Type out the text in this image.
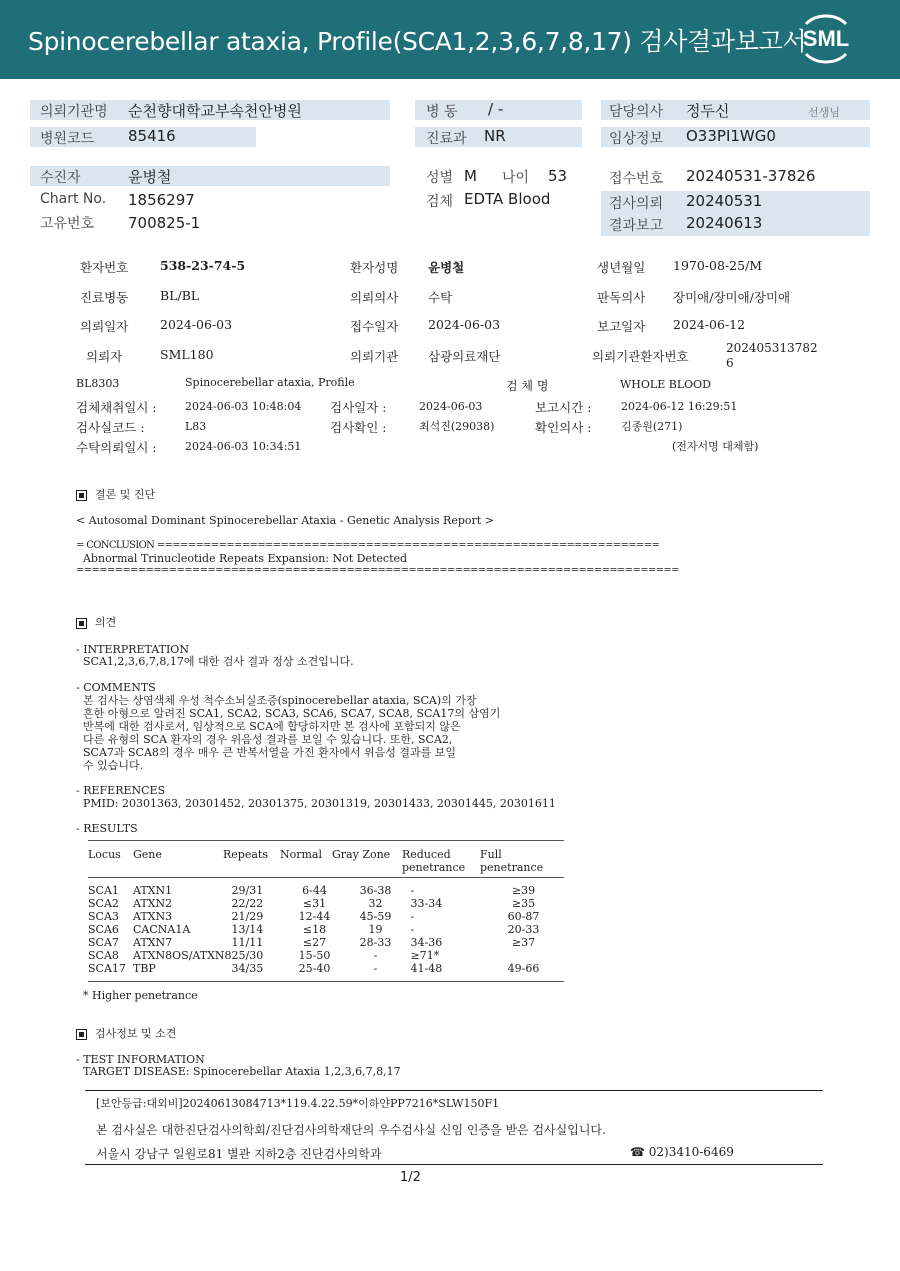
Spinocerebellar ataxia, Profile(SCA1,2,3,6,7,8,17) 검사결과보고서
SML
의뢰기관명 순천향대학교부속천안병원
병원코드 85416
병 동 / -
진료과 NR
담당의사 정두신	선생님
임상정보 O33PI1WG0
수진자	윤병철
Chart No. 1856297
고유번호 700825-1
성별 M 나이 53
검체 EDTA Blood
접수번호 20240531-37826
검사의뢰 20240531
결과보고 20240613
환자번호	538-23-74-5	환자성명 윤병철	생년월일 1970-08-25/M
진료병동	BL/BL	의뢰의사 수탁	판독의사 장미애/장미애/장미애
의뢰일자	2024-06-03	접수일자 2024-06-03	보고일자 2024-06-12
의뢰자	SML180	의뢰기관 삼광의료재단	의뢰기관환자번호
202405313782
6
BL8303	Spinocerebellar ataxia, Profile	검 체 명	WHOLE BLOOD
검체채취일시 :	2024-06-03 10:48:04 검사일자 :	2024-06-03	보고시간 :	2024-06-12 16:29:51
검사실코드 :	L83	검사확인 :	최석진(29038)	확인의사 :	김종원(271)
수탁의뢰일시 :	2024-06-03 10:34:51	(전자서명 대체함)
결론 및 진단
< Autosomal Dominant Spinocerebellar Ataxia - Genetic Analysis Report >
= CONCLUSION =================================================================
Abnormal Trinucleotide Repeats Expansion: Not Detected
==============================================================================
의견
- INTERPRETATION
SCA1,2,3,6,7,8,17에 대한 검사 결과 정상 소견입니다.
- COMMENTS
본 검사는 상염색체 우성 척수소뇌실조증(spinocerebellar ataxia, SCA)의 가장
흔한 아형으로 알려진 SCA1, SCA2, SCA3, SCA6, SCA7, SCA8, SCA17의 삼염기
반복에 대한 검사로서, 임상적으로 SCA에 합당하지만 본 검사에 포함되지 않은
다른 유형의 SCA 환자의 경우 위음성 결과를 보일 수 있습니다. 또한, SCA2,
SCA7과 SCA8의 경우 매우 큰 반복서열을 가진 환자에서 위음성 결과를 보일
수 있습니다.
- REFERENCES
PMID: 20301363, 20301452, 20301375, 20301319, 20301433, 20301445, 20301611
- RESULTS
Locus	Gene	Repeats	Normal	Gray Zone	Reduced	Full
					penetrance	penetrance
SCA1	ATXN1	29/31	6-44	36-38	-	≥39
SCA2	ATXN2	22/22	≤31	32	33-34	≥35
SCA3	ATXN3	21/29	12-44	45-59	-	60-87
SCA6	CACNA1A	13/14	≤18	19	-	20-33
SCA7	ATXN7	11/11	≤27	28-33	34-36	≥37
SCA8	ATXN8OS/ATXN8	25/30	15-50	-	≥71*	
SCA17	TBP	34/35	25-40	-	41-48	49-66
* Higher penetrance
검사정보 및 소견
- TEST INFORMATION
TARGET DISEASE: Spinocerebellar Ataxia 1,2,3,6,7,8,17
[보안등급:대외비]20240613084713*119.4.22.59*이하얀PP7216*SLW150F1
본 검사실은 대한진단검사의학회/진단검사의학재단의 우수검사실 신임 인증을 받은 검사실입니다.
서울시 강남구 일원로81 별관 지하2층 진단검사의학과	☎ 02)3410-6469
1/2
